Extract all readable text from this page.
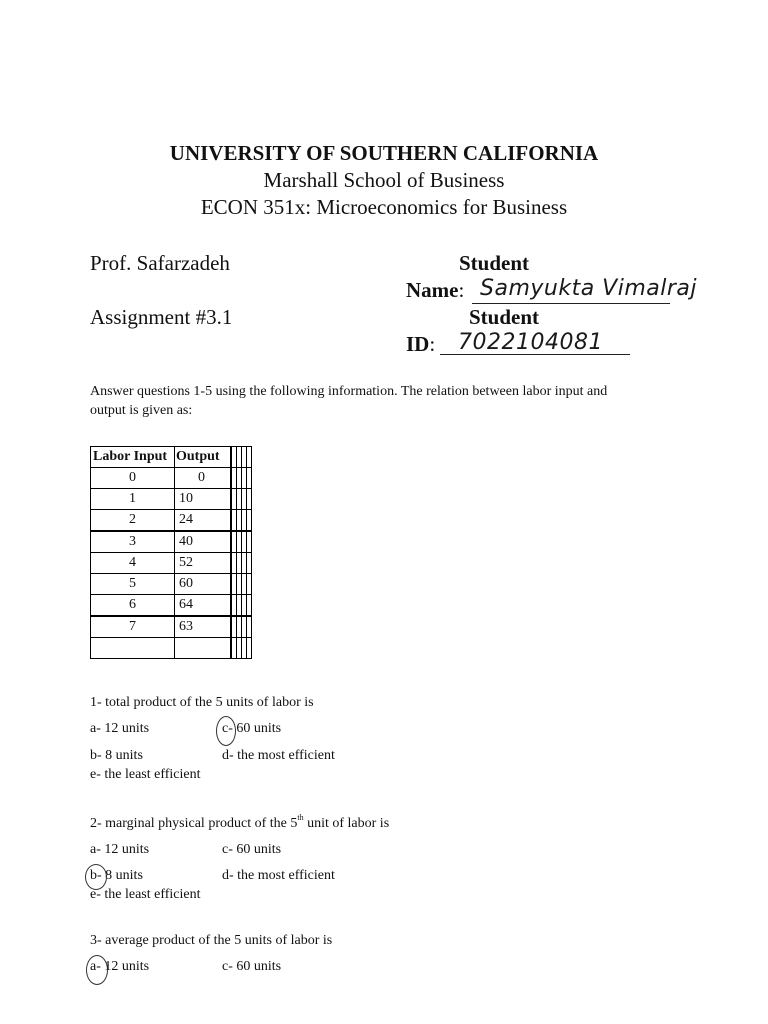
UNIVERSITY OF SOUTHERN CALIFORNIA
Marshall School of Business
ECON 351x: Microeconomics for Business
Prof. Safarzadeh	Student
Name: Samyukta Vimalraj
Assignment #3.1	Student
ID: 7022104081
Answer questions 1-5 using the following information. The relation between labor input and
output is given as:
Labor Input	Output				
0	0				
1	10				
2	24				
3	40				
4	52				
5	60				
6	64				
7	63				

1- total product of the 5 units of labor is
a- 12 units	c- 60 units
b- 8 units	d- the most efficient
e- the least efficient
2- marginal physical product of the 5th unit of labor is
a- 12 units	c- 60 units
b- 8 units	d- the most efficient
e- the least efficient
3- average product of the 5 units of labor is
a- 12 units	c- 60 units
